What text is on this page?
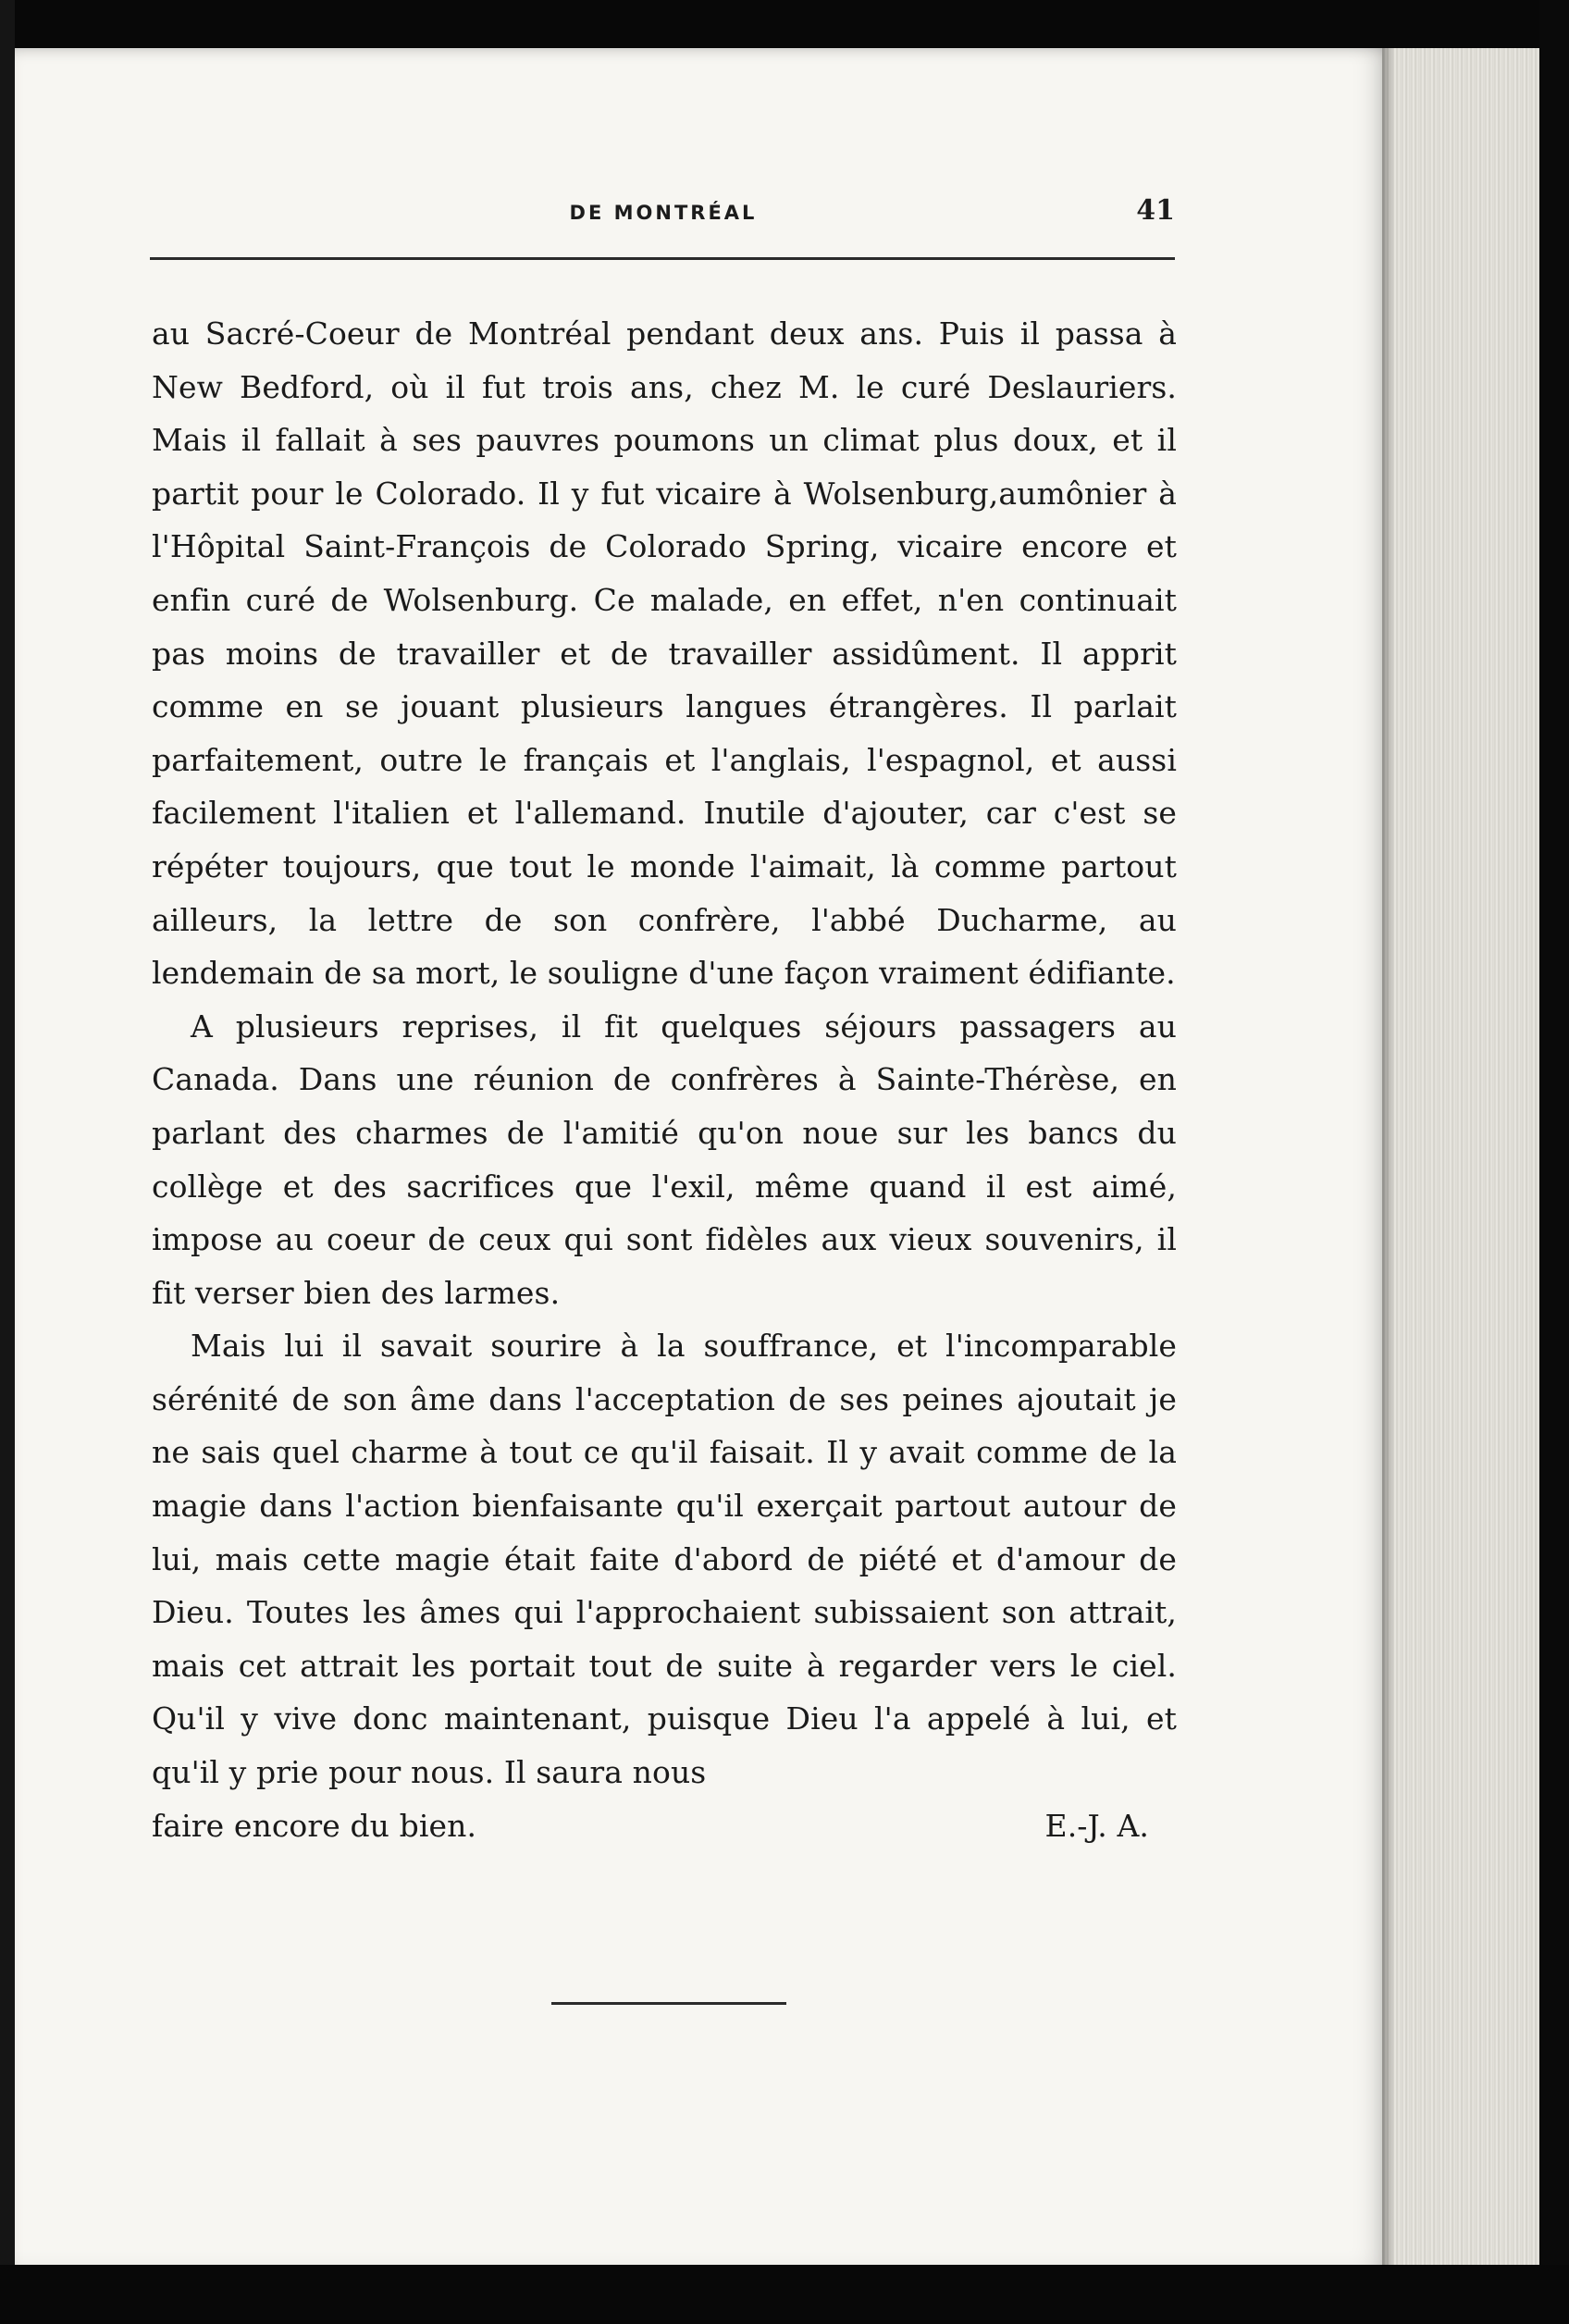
DE MONTRÉAL	41

au Sacré-Coeur de Montréal pendant deux ans. Puis il passa à New Bedford, où il fut trois ans, chez M. le curé Deslauriers. Mais il fallait à ses pauvres poumons un climat plus doux, et il partit pour le Colorado. Il y fut vicaire à Wolsenburg,aumônier à l'Hôpital Saint-François de Colorado Spring, vicaire encore et enfin curé de Wolsenburg. Ce malade, en effet, n'en continuait pas moins de travailler et de travailler assidûment. Il apprit comme en se jouant plusieurs langues étrangères. Il parlait parfaitement, outre le français et l'anglais, l'espagnol, et aussi facilement l'italien et l'allemand. Inutile d'ajouter, car c'est se répéter toujours, que tout le monde l'aimait, là comme partout ailleurs, la lettre de son confrère, l'abbé Ducharme, au lendemain de sa mort, le souligne d'une façon vraiment édifiante.

A plusieurs reprises, il fit quelques séjours passagers au Canada. Dans une réunion de confrères à Sainte-Thérèse, en parlant des charmes de l'amitié qu'on noue sur les bancs du collège et des sacrifices que l'exil, même quand il est aimé, impose au coeur de ceux qui sont fidèles aux vieux souvenirs, il fit verser bien des larmes.

Mais lui il savait sourire à la souffrance, et l'incomparable sérénité de son âme dans l'acceptation de ses peines ajoutait je ne sais quel charme à tout ce qu'il faisait. Il y avait comme de la magie dans l'action bienfaisante qu'il exerçait partout autour de lui, mais cette magie était faite d'abord de piété et d'amour de Dieu. Toutes les âmes qui l'approchaient subissaient son attrait, mais cet attrait les portait tout de suite à regarder vers le ciel. Qu'il y vive donc maintenant, puisque Dieu l'a appelé à lui, et qu'il y prie pour nous. Il saura nous

faire encore du bien.	E.-J. A.
